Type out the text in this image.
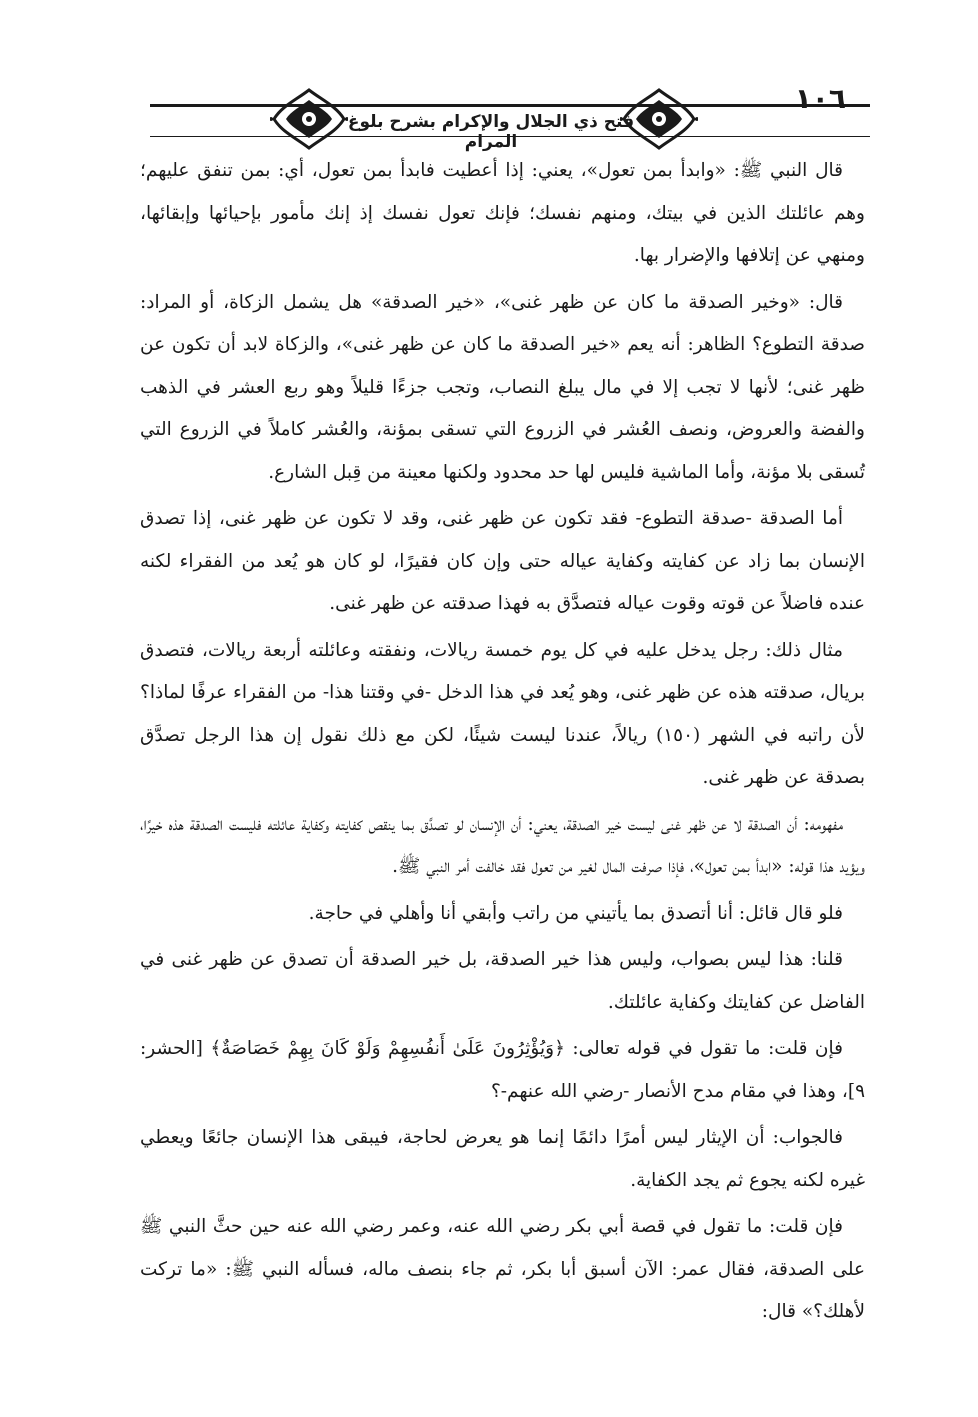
فتح ذي الجلال والإكرام بشرح بلوغ المرام
١٠٦

قال النبي ﷺ: «وابدأ بمن تعول»، يعني: إذا أعطيت فابدأ بمن تعول، أي: بمن تنفق عليهم؛ وهم عائلتك الذين في بيتك، ومنهم نفسك؛ فإنك تعول نفسك إذ إنك مأمور بإحيائها وإبقائها، ومنهي عن إتلافها والإضرار بها.

قال: «وخير الصدقة ما كان عن ظهر غنى»، «خير الصدقة» هل يشمل الزكاة، أو المراد: صدقة التطوع؟ الظاهر: أنه يعم «خير الصدقة ما كان عن ظهر غنى»، والزكاة لابد أن تكون عن ظهر غنى؛ لأنها لا تجب إلا في مال يبلغ النصاب، وتجب جزءًا قليلاً وهو ربع العشر في الذهب والفضة والعروض، ونصف العُشر في الزروع التي تسقى بمؤنة، والعُشر كاملاً في الزروع التي تُسقى بلا مؤنة، وأما الماشية فليس لها حد محدود ولكنها معينة من قِبل الشارع.

أما الصدقة -صدقة التطوع- فقد تكون عن ظهر غنى، وقد لا تكون عن ظهر غنى، إذا تصدق الإنسان بما زاد عن كفايته وكفاية عياله حتى وإن كان فقيرًا، لو كان هو يُعد من الفقراء لكنه عنده فاضلاً عن قوته وقوت عياله فتصدَّق به فهذا صدقته عن ظهر غنى.

مثال ذلك: رجل يدخل عليه في كل يوم خمسة ريالات، ونفقته وعائلته أربعة ريالات، فتصدق بريال، صدقته هذه عن ظهر غنى، وهو يُعد في هذا الدخل -في وقتنا هذا- من الفقراء عرفًا لماذا؟ لأن راتبه في الشهر (١٥٠) ريالاً، عندنا ليست شيئًا، لكن مع ذلك نقول إن هذا الرجل تصدَّق بصدقة عن ظهر غنى.

مفهومه: أن الصدقة لا عن ظهر غنى ليست خير الصدقة، يعني: أن الإنسان لو تصدَّق بما ينقص كفايته وكفاية عائلته فليست الصدقة هذه خيرًا، ويؤيد هذا قوله: «ابدأ بمن تعول»، فإذا صرفت المال لغير من تعول فقد خالفت أمر النبي ﷺ.

فلو قال قائل: أنا أتصدق بما يأتيني من راتب وأبقي أنا وأهلي في حاجة.

قلنا: هذا ليس بصواب، وليس هذا خير الصدقة، بل خير الصدقة أن تصدق عن ظهر غنى في الفاضل عن كفايتك وكفاية عائلتك.

فإن قلت: ما تقول في قوله تعالى: ﴿وَيُؤْثِرُونَ عَلَىٰ أَنفُسِهِمْ وَلَوْ كَانَ بِهِمْ خَصَاصَةٌ﴾ [الحشر: ٩]، وهذا في مقام مدح الأنصار -رضي الله عنهم-؟

فالجواب: أن الإيثار ليس أمرًا دائمًا إنما هو يعرض لحاجة، فيبقى هذا الإنسان جائعًا ويعطي غيره لكنه يجوع ثم يجد الكفاية.

فإن قلت: ما تقول في قصة أبي بكر رضي الله عنه، وعمر رضي الله عنه حين حثَّ النبي ﷺ على الصدقة، فقال عمر: الآن أسبق أبا بكر، ثم جاء بنصف ماله، فسأله النبي ﷺ: «ما تركت لأهلك؟» قال:
